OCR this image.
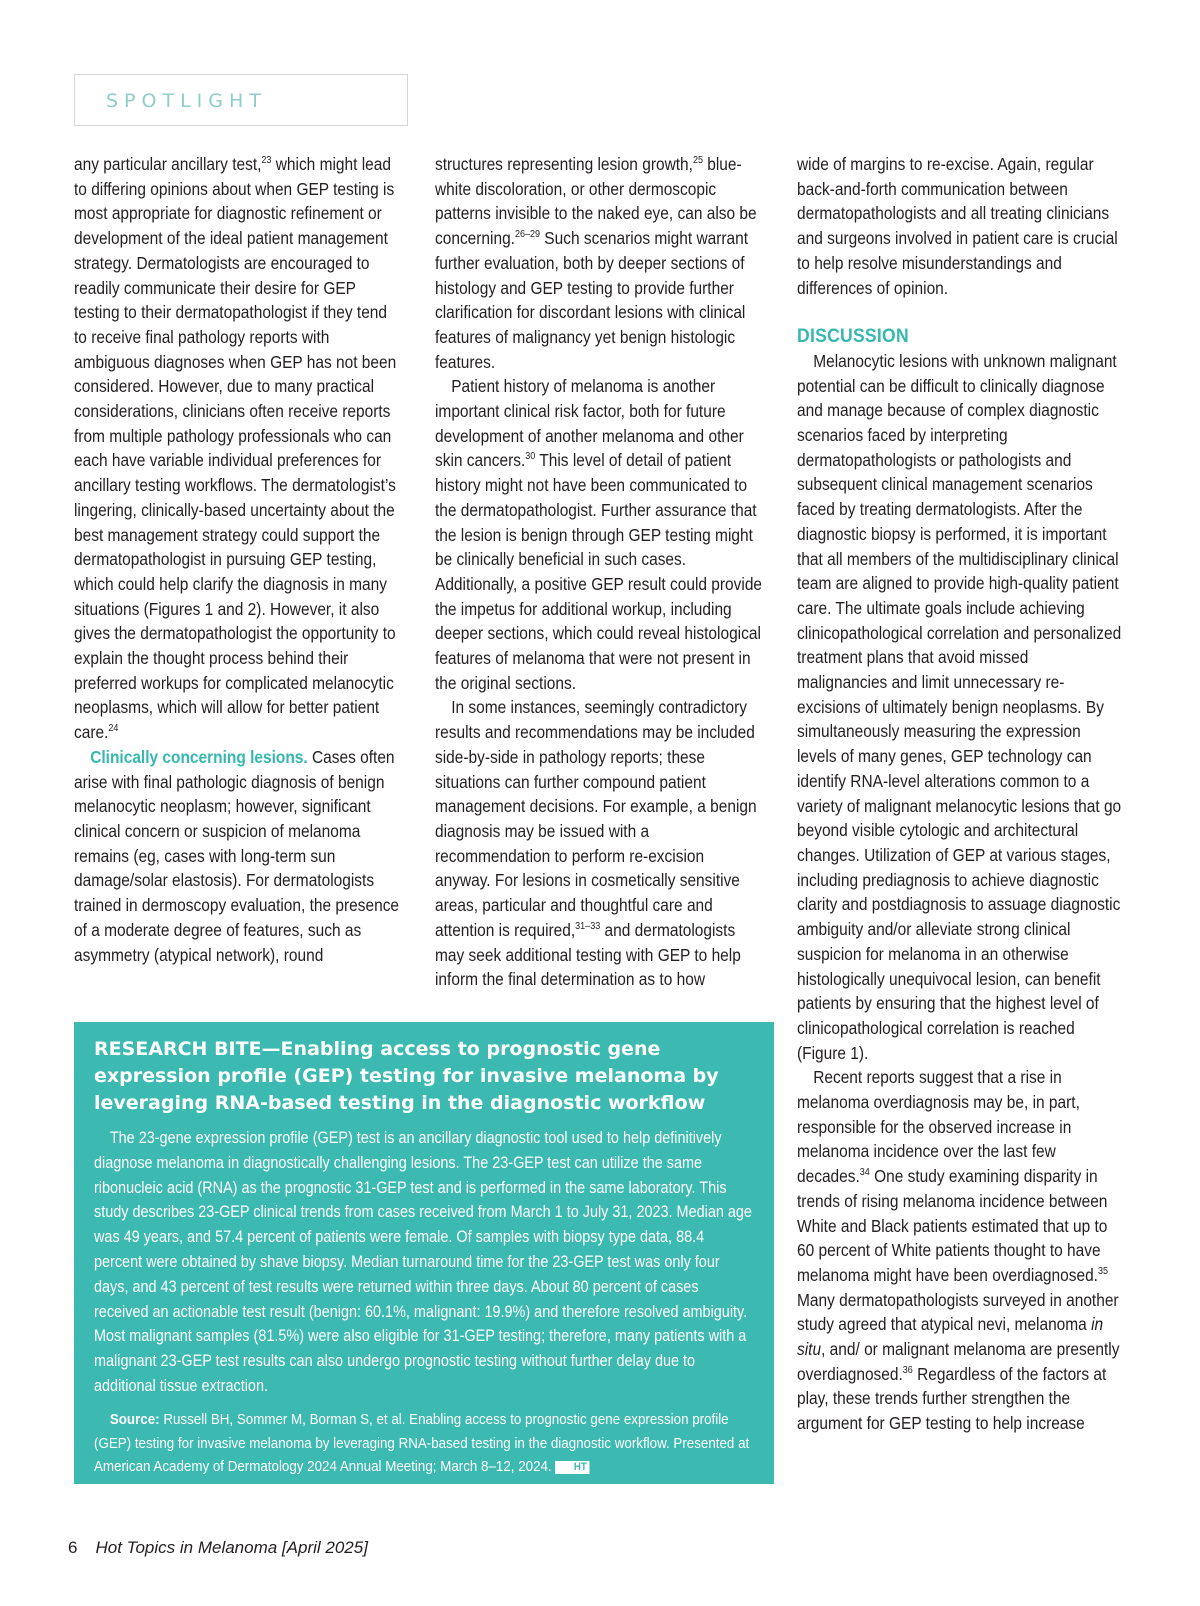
SPOTLIGHT

any particular ancillary test,$^{23}$ which might lead to differing opinions about when GEP testing is most appropriate for diagnostic refinement or development of the ideal patient management strategy. Dermatologists are encouraged to readily communicate their desire for GEP testing to their dermatopathologist if they tend to receive final pathology reports with ambiguous diagnoses when GEP has not been considered. However, due to many practical considerations, clinicians often receive reports from multiple pathology professionals who can each have variable individual preferences for ancillary testing workflows. The dermatologist’s lingering, clinically-based uncertainty about the best management strategy could support the dermatopathologist in pursuing GEP testing, which could help clarify the diagnosis in many situations (Figures 1 and 2). However, it also gives the dermatopathologist the opportunity to explain the thought process behind their preferred workups for complicated melanocytic neoplasms, which will allow for better patient care.$^{24}$

Clinically concerning lesions. Cases often arise with final pathologic diagnosis of benign melanocytic neoplasm; however, significant clinical concern or suspicion of melanoma remains (eg, cases with long-term sun damage/solar elastosis). For dermatologists trained in dermoscopy evaluation, the presence of a moderate degree of features, such as asymmetry (atypical network), round

structures representing lesion growth,$^{25}$ blue-white discoloration, or other dermoscopic patterns invisible to the naked eye, can also be concerning.$^{26-29}$ Such scenarios might warrant further evaluation, both by deeper sections of histology and GEP testing to provide further clarification for discordant lesions with clinical features of malignancy yet benign histologic features.

Patient history of melanoma is another important clinical risk factor, both for future development of another melanoma and other skin cancers.$^{30}$ This level of detail of patient history might not have been communicated to the dermatopathologist. Further assurance that the lesion is benign through GEP testing might be clinically beneficial in such cases. Additionally, a positive GEP result could provide the impetus for additional workup, including deeper sections, which could reveal histological features of melanoma that were not present in the original sections.

In some instances, seemingly contradictory results and recommendations may be included side-by-side in pathology reports; these situations can further compound patient management decisions. For example, a benign diagnosis may be issued with a recommendation to perform re-excision anyway. For lesions in cosmetically sensitive areas, particular and thoughtful care and attention is required,$^{31-33}$ and dermatologists may seek additional testing with GEP to help inform the final determination as to how

wide of margins to re-excise. Again, regular back-and-forth communication between dermatopathologists and all treating clinicians and surgeons involved in patient care is crucial to help resolve misunderstandings and differences of opinion.

DISCUSSION

Melanocytic lesions with unknown malignant potential can be difficult to clinically diagnose and manage because of complex diagnostic scenarios faced by interpreting dermatopathologists or pathologists and subsequent clinical management scenarios faced by treating dermatologists. After the diagnostic biopsy is performed, it is important that all members of the multidisciplinary clinical team are aligned to provide high-quality patient care. The ultimate goals include achieving clinicopathological correlation and personalized treatment plans that avoid missed malignancies and limit unnecessary re-excisions of ultimately benign neoplasms. By simultaneously measuring the expression levels of many genes, GEP technology can identify RNA-level alterations common to a variety of malignant melanocytic lesions that go beyond visible cytologic and architectural changes. Utilization of GEP at various stages, including prediagnosis to achieve diagnostic clarity and postdiagnosis to assuage diagnostic ambiguity and/or alleviate strong clinical suspicion for melanoma in an otherwise histologically unequivocal lesion, can benefit patients by ensuring that the highest level of clinicopathological correlation is reached (Figure 1).

Recent reports suggest that a rise in melanoma overdiagnosis may be, in part, responsible for the observed increase in melanoma incidence over the last few decades.$^{34}$ One study examining disparity in trends of rising melanoma incidence between White and Black patients estimated that up to 60 percent of White patients thought to have melanoma might have been overdiagnosed.$^{35}$ Many dermatopathologists surveyed in another study agreed that atypical nevi, melanoma in situ, and/ or malignant melanoma are presently overdiagnosed.$^{36}$ Regardless of the factors at play, these trends further strengthen the argument for GEP testing to help increase

RESEARCH BITE—Enabling access to prognostic gene expression profile (GEP) testing for invasive melanoma by leveraging RNA-based testing in the diagnostic workflow

The 23-gene expression profile (GEP) test is an ancillary diagnostic tool used to help definitively diagnose melanoma in diagnostically challenging lesions. The 23-GEP test can utilize the same ribonucleic acid (RNA) as the prognostic 31-GEP test and is performed in the same laboratory. This study describes 23-GEP clinical trends from cases received from March 1 to July 31, 2023. Median age was 49 years, and 57.4 percent of patients were female. Of samples with biopsy type data, 88.4 percent were obtained by shave biopsy. Median turnaround time for the 23-GEP test was only four days, and 43 percent of test results were returned within three days. About 80 percent of cases received an actionable test result (benign: 60.1%, malignant: 19.9%) and therefore resolved ambiguity. Most malignant samples (81.5%) were also eligible for 31-GEP testing; therefore, many patients with a malignant 23-GEP test results can also undergo prognostic testing without further delay due to additional tissue extraction.

Source: Russell BH, Sommer M, Borman S, et al. Enabling access to prognostic gene expression profile (GEP) testing for invasive melanoma by leveraging RNA-based testing in the diagnostic workflow. Presented at American Academy of Dermatology 2024 Annual Meeting; March 8–12, 2024. HT

6 Hot Topics in Melanoma [April 2025]
